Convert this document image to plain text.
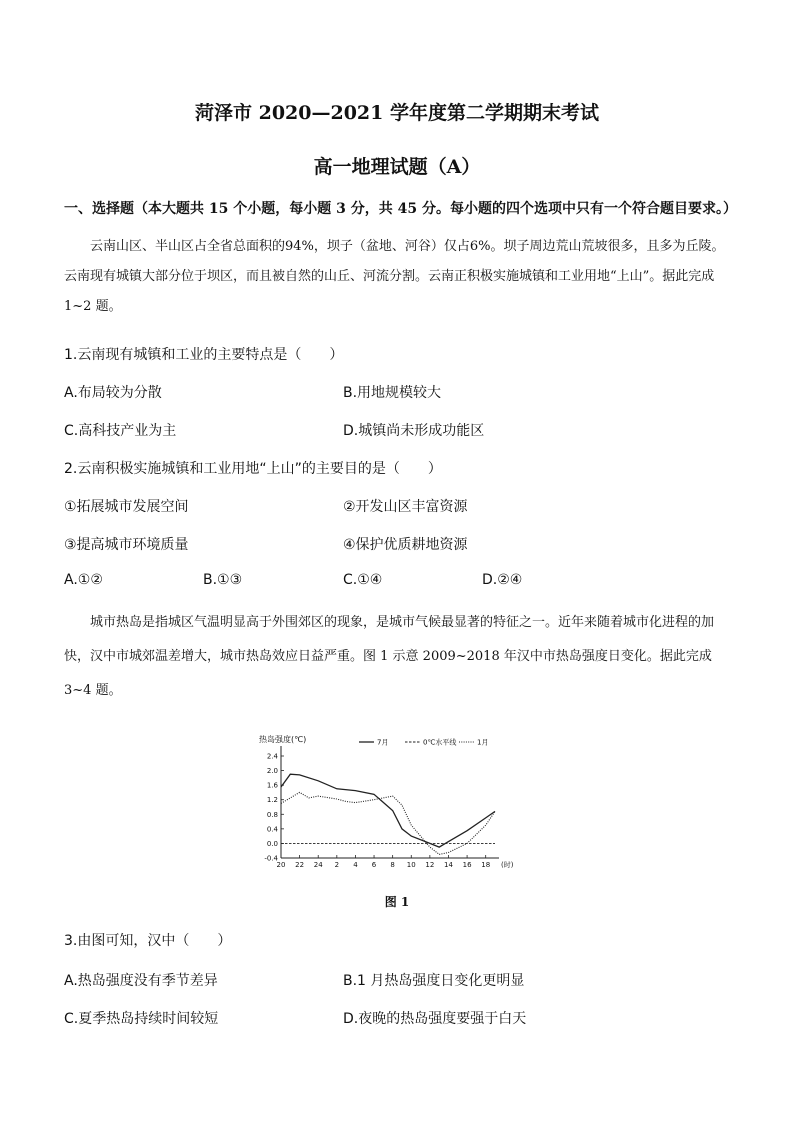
菏泽市 2020—2021 学年度第二学期期末考试
高一地理试题（A）
一、选择题（本大题共 15 个小题，每小题 3 分，共 45 分。每小题的四个选项中只有一个符合题目要求。）
云南山区、半山区占全省总面积的94%，坝子（盆地、河谷）仅占6%。坝子周边荒山荒坡很多，且多为丘陵。云南现有城镇大部分位于坝区，而且被自然的山丘、河流分割。云南正积极实施城镇和工业用地“上山”。据此完成 1~2 题。
1.云南现有城镇和工业的主要特点是（　　）
A.布局较为分散	B.用地规模较大
C.高科技产业为主	D.城镇尚未形成功能区
2.云南积极实施城镇和工业用地“上山”的主要目的是（　　）
①拓展城市发展空间	②开发山区丰富资源
③提高城市环境质量	④保护优质耕地资源
A.①②	B.①③	C.①④	D.②④
城市热岛是指城区气温明显高于外围郊区的现象，是城市气候最显著的特征之一。近年来随着城市化进程的加快，汉中市城郊温差增大，城市热岛效应日益严重。图 1 示意 2009~2018 年汉中市热岛强度日变化。据此完成 3~4 题。
热岛强度(℃)
2.4
2.0
1.6
1.2
0.8
0.4
0.0
-0.4
20 22 24 2 4 6 8 10 12 14 16 18 (时)
7月	0℃水平线	1月
图 1
3.由图可知，汉中（　　）
A.热岛强度没有季节差异	B.1 月热岛强度日变化更明显
C.夏季热岛持续时间较短	D.夜晚的热岛强度要强于白天
